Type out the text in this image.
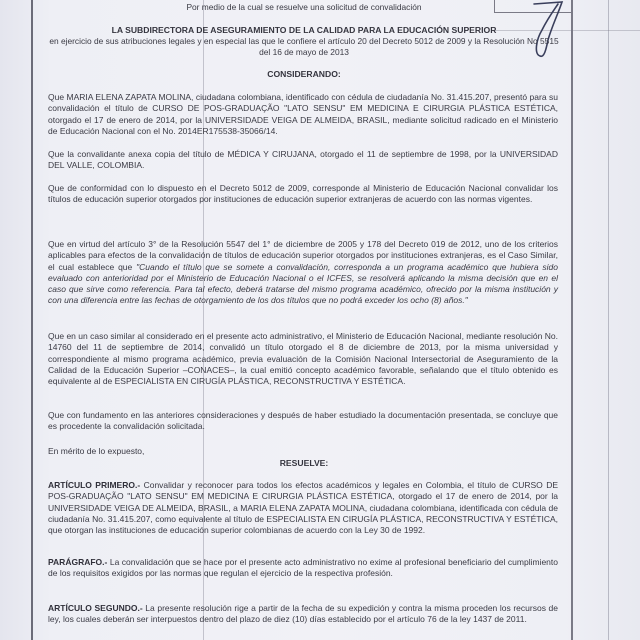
Por medio de la cual se resuelve una solicitud de convalidación
LA SUBDIRECTORA DE ASEGURAMIENTO DE LA CALIDAD PARA LA EDUCACIÓN SUPERIOR
en ejercicio de sus atribuciones legales y en especial las que le confiere el artículo 20 del Decreto 5012 de 2009 y la Resolución No 5515 del 16 de mayo de 2013
CONSIDERANDO:
Que MARIA ELENA ZAPATA MOLINA, ciudadana colombiana, identificado con cédula de ciudadanía No. 31.415.207, presentó para su convalidación el título de CURSO DE POS-GRADUAÇÃO "LATO SENSU" EM MEDICINA E CIRURGIA PLÁSTICA ESTÉTICA, otorgado el 17 de enero de 2014, por la UNIVERSIDADE VEIGA DE ALMEIDA, BRASIL, mediante solicitud radicado en el Ministerio de Educación Nacional con el No. 2014ER175538-35066/14.
Que la convalidante anexa copia del título de MÉDICA Y CIRUJANA, otorgado el 11 de septiembre de 1998, por la UNIVERSIDAD DEL VALLE, COLOMBIA.
Que de conformidad con lo dispuesto en el Decreto 5012 de 2009, corresponde al Ministerio de Educación Nacional convalidar los títulos de educación superior otorgados por instituciones de educación superior extranjeras de acuerdo con las normas vigentes.
Que en virtud del artículo 3° de la Resolución 5547 del 1° de diciembre de 2005 y 178 del Decreto 019 de 2012, uno de los criterios aplicables para efectos de la convalidación de títulos de educación superior otorgados por instituciones extranjeras, es el Caso Similar, el cual establece que "Cuando el título que se somete a convalidación, corresponda a un programa académico que hubiera sido evaluado con anterioridad por el Ministerio de Educación Nacional o el ICFES, se resolverá aplicando la misma decisión que en el caso que sirve como referencia. Para tal efecto, deberá tratarse del mismo programa académico, ofrecido por la misma institución y con una diferencia entre las fechas de otorgamiento de los dos títulos que no podrá exceder los ocho (8) años."
Que en un caso similar al considerado en el presente acto administrativo, el Ministerio de Educación Nacional, mediante resolución No. 14760 del 11 de septiembre de 2014, convalidó un título otorgado el 8 de diciembre de 2013, por la misma universidad y correspondiente al mismo programa académico, previa evaluación de la Comisión Nacional Intersectorial de Aseguramiento de la Calidad de la Educación Superior –CONACES–, la cual emitió concepto académico favorable, señalando que el título obtenido es equivalente al de ESPECIALISTA EN CIRUGÍA PLÁSTICA, RECONSTRUCTIVA Y ESTÉTICA.
Que con fundamento en las anteriores consideraciones y después de haber estudiado la documentación presentada, se concluye que es procedente la convalidación solicitada.
En mérito de lo expuesto,
RESUELVE:
ARTÍCULO PRIMERO.- Convalidar y reconocer para todos los efectos académicos y legales en Colombia, el título de CURSO DE POS-GRADUAÇÃO "LATO SENSU" EM MEDICINA E CIRURGIA PLÁSTICA ESTÉTICA, otorgado el 17 de enero de 2014, por la UNIVERSIDADE VEIGA DE ALMEIDA, BRASIL, a MARIA ELENA ZAPATA MOLINA, ciudadana colombiana, identificada con cédula de ciudadanía No. 31.415.207, como equivalente al título de ESPECIALISTA EN CIRUGÍA PLÁSTICA, RECONSTRUCTIVA Y ESTÉTICA, que otorgan las instituciones de educación superior colombianas de acuerdo con la Ley 30 de 1992.
PARÁGRAFO.- La convalidación que se hace por el presente acto administrativo no exime al profesional beneficiario del cumplimiento de los requisitos exigidos por las normas que regulan el ejercicio de la respectiva profesión.
ARTÍCULO SEGUNDO.- La presente resolución rige a partir de la fecha de su expedición y contra la misma proceden los recursos de ley, los cuales deberán ser interpuestos dentro del plazo de diez (10) días establecido por el artículo 76 de la ley 1437 de 2011.
